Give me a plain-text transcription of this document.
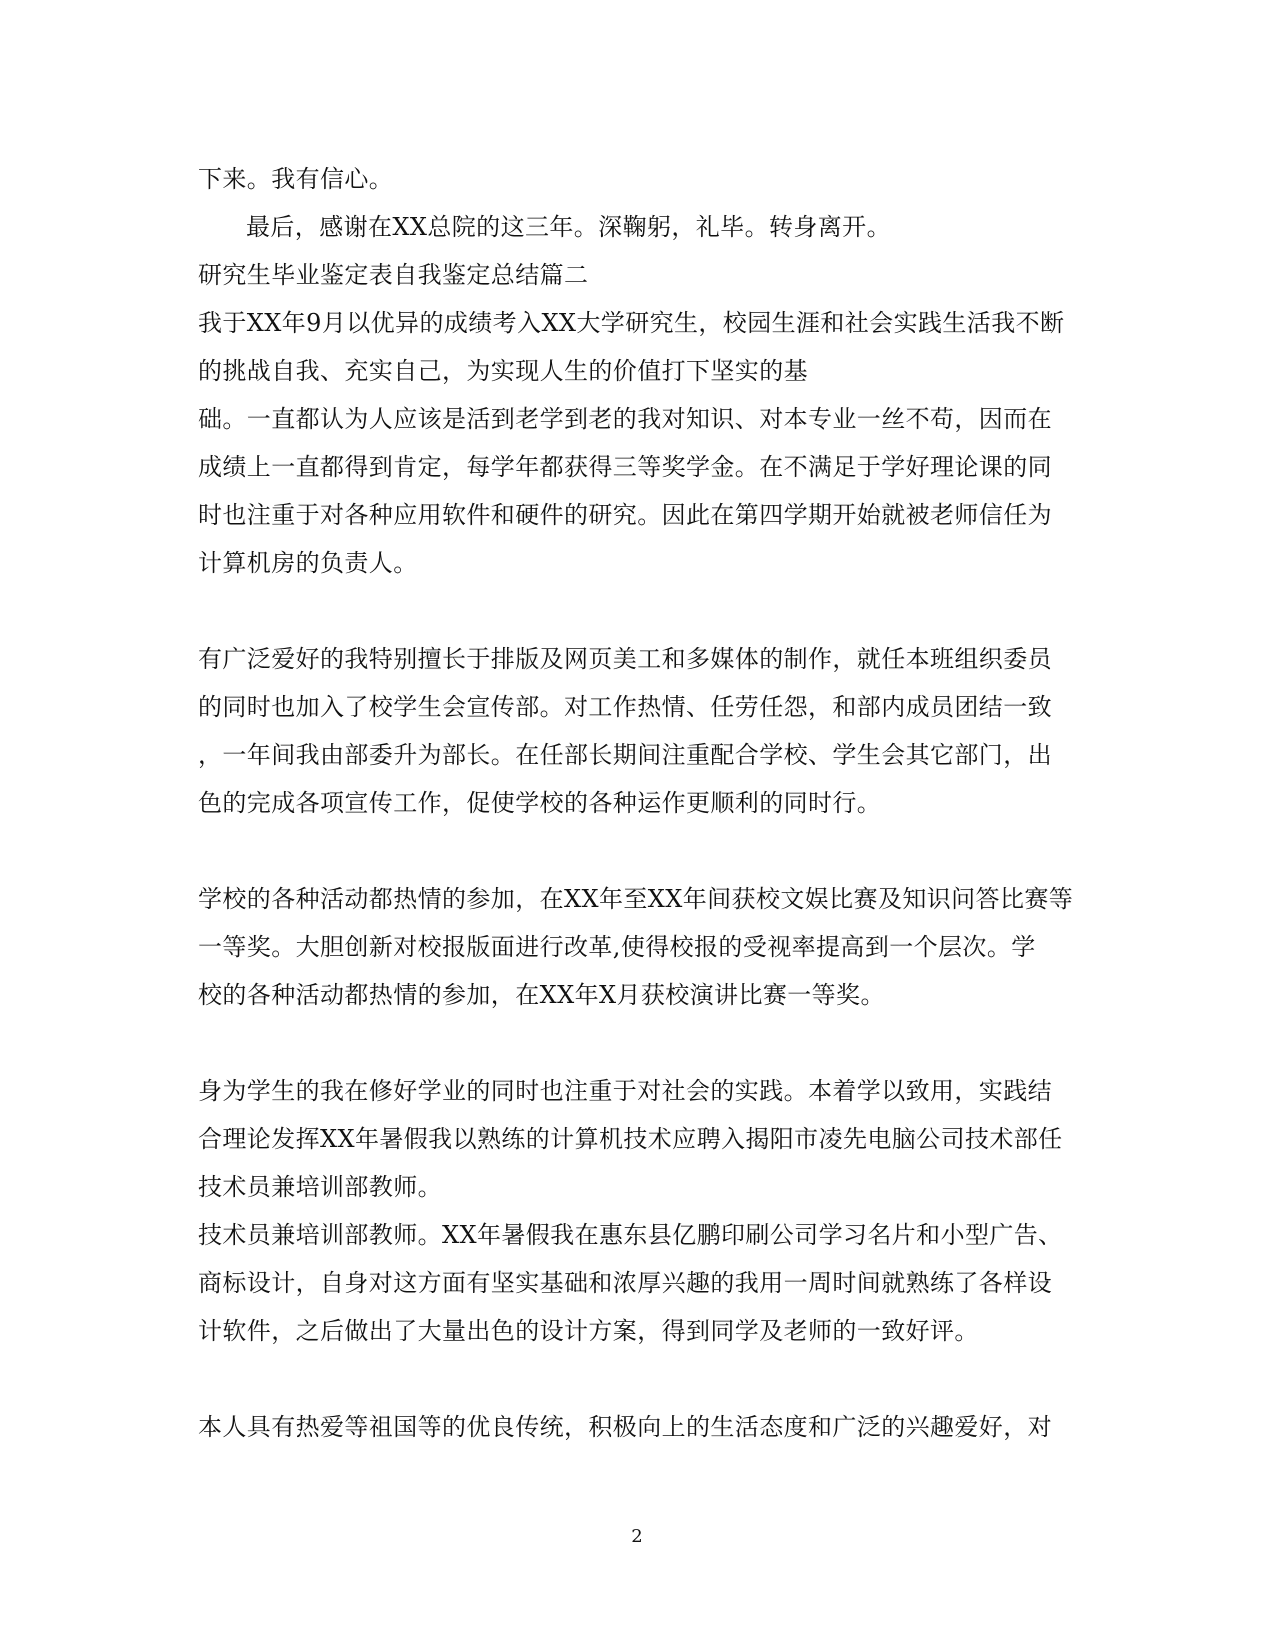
下来。我有信心。
最后，感谢在XX总院的这三年。深鞠躬，礼毕。转身离开。
研究生毕业鉴定表自我鉴定总结篇二
我于XX年9月以优异的成绩考入XX大学研究生，校园生涯和社会实践生活我不断
的挑战自我、充实自己，为实现人生的价值打下坚实的基
础。一直都认为人应该是活到老学到老的我对知识、对本专业一丝不苟，因而在
成绩上一直都得到肯定，每学年都获得三等奖学金。在不满足于学好理论课的同
时也注重于对各种应用软件和硬件的研究。因此在第四学期开始就被老师信任为
计算机房的负责人。
有广泛爱好的我特别擅长于排版及网页美工和多媒体的制作，就任本班组织委员
的同时也加入了校学生会宣传部。对工作热情、任劳任怨，和部内成员团结一致
，一年间我由部委升为部长。在任部长期间注重配合学校、学生会其它部门，出
色的完成各项宣传工作，促使学校的各种运作更顺利的同时行。
学校的各种活动都热情的参加，在XX年至XX年间获校文娱比赛及知识问答比赛等
一等奖。大胆创新对校报版面进行改革,使得校报的受视率提高到一个层次。学
校的各种活动都热情的参加，在XX年X月获校演讲比赛一等奖。
身为学生的我在修好学业的同时也注重于对社会的实践。本着学以致用，实践结
合理论发挥XX年暑假我以熟练的计算机技术应聘入揭阳市凌先电脑公司技术部任
技术员兼培训部教师。
技术员兼培训部教师。XX年暑假我在惠东县亿鹏印刷公司学习名片和小型广告、
商标设计，自身对这方面有坚实基础和浓厚兴趣的我用一周时间就熟练了各样设
计软件，之后做出了大量出色的设计方案，得到同学及老师的一致好评。
本人具有热爱等祖国等的优良传统，积极向上的生活态度和广泛的兴趣爱好，对
2
